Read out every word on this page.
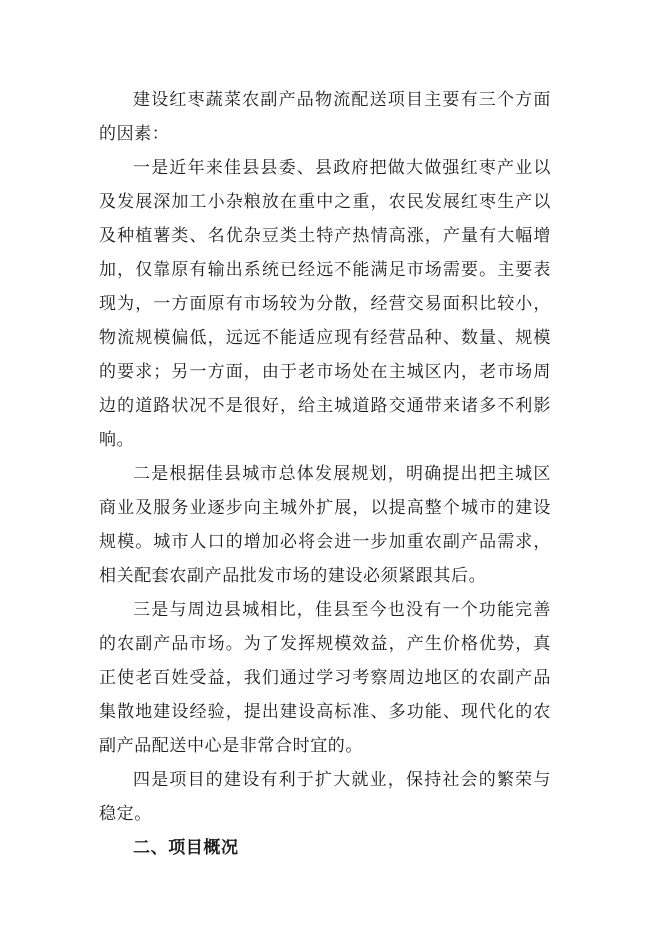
建设红枣蔬菜农副产品物流配送项目主要有三个方面的因素：

一是近年来佳县县委、县政府把做大做强红枣产业以及发展深加工小杂粮放在重中之重，农民发展红枣生产以及种植薯类、名优杂豆类土特产热情高涨，产量有大幅增加，仅靠原有输出系统已经远不能满足市场需要。主要表现为，一方面原有市场较为分散，经营交易面积比较小，物流规模偏低，远远不能适应现有经营品种、数量、规模的要求；另一方面，由于老市场处在主城区内，老市场周边的道路状况不是很好，给主城道路交通带来诸多不利影响。

二是根据佳县城市总体发展规划，明确提出把主城区商业及服务业逐步向主城外扩展，以提高整个城市的建设规模。城市人口的增加必将会进一步加重农副产品需求，相关配套农副产品批发市场的建设必须紧跟其后。

三是与周边县城相比，佳县至今也没有一个功能完善的农副产品市场。为了发挥规模效益，产生价格优势，真正使老百姓受益，我们通过学习考察周边地区的农副产品集散地建设经验，提出建设高标准、多功能、现代化的农副产品配送中心是非常合时宜的。

四是项目的建设有利于扩大就业，保持社会的繁荣与稳定。

二、项目概况
